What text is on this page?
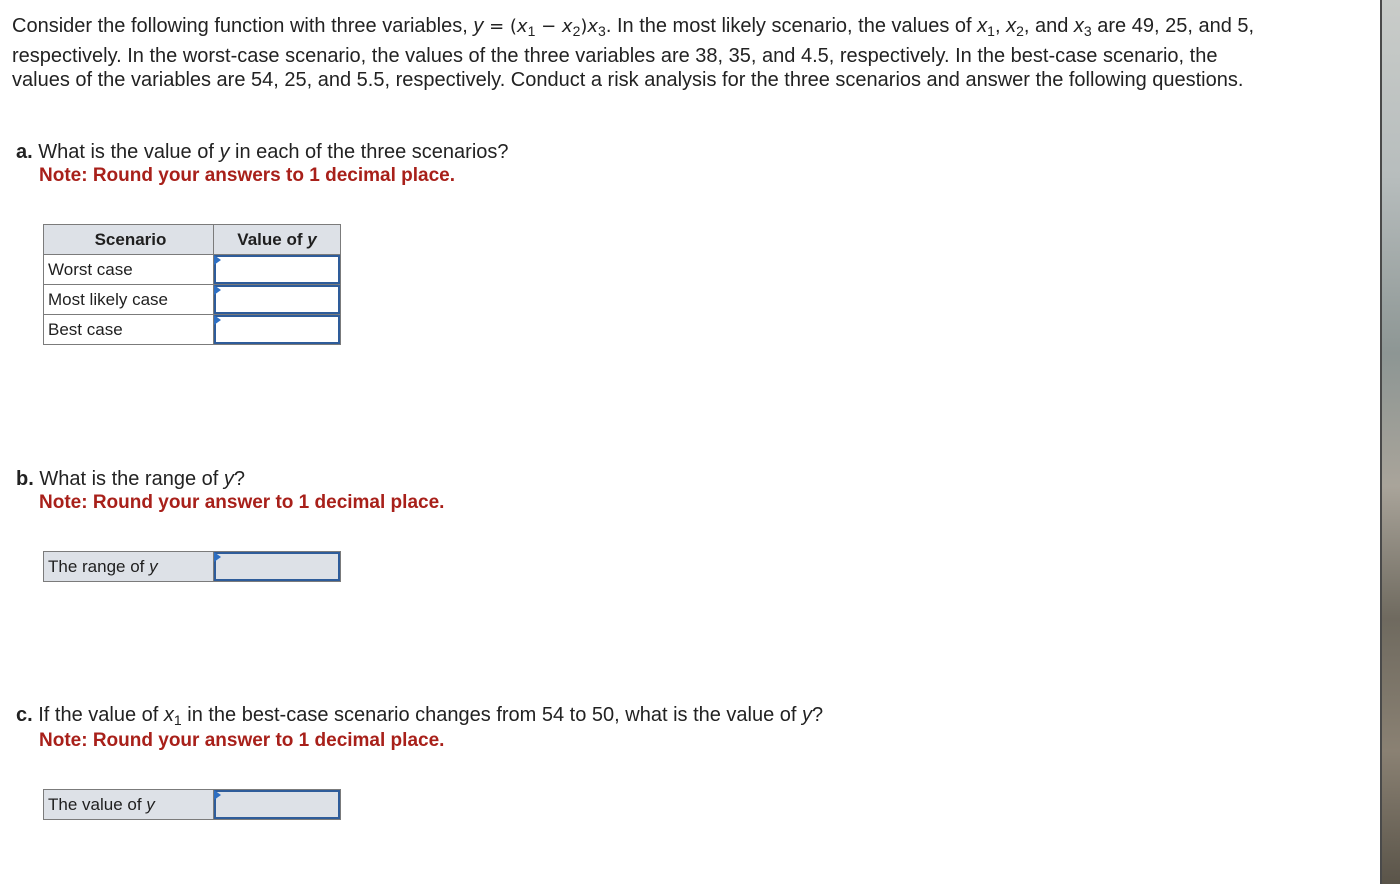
Consider the following function with three variables, $y = (x_1 - x_2)x_3$. In the most likely scenario, the values of $x_1$, $x_2$, and $x_3$ are 49, 25, and 5, respectively. In the worst-case scenario, the values of the three variables are 38, 35, and 4.5, respectively. In the best-case scenario, the values of the variables are 54, 25, and 5.5, respectively. Conduct a risk analysis for the three scenarios and answer the following questions.
a. What is the value of y in each of the three scenarios?
Note: Round your answers to 1 decimal place.
Scenario	Value of y
Worst case	

Most likely case	

Best case	
b. What is the range of y?
Note: Round your answer to 1 decimal place.
The range of y	
c. If the value of $x_1$ in the best-case scenario changes from 54 to 50, what is the value of y?
Note: Round your answer to 1 decimal place.
The value of y	
